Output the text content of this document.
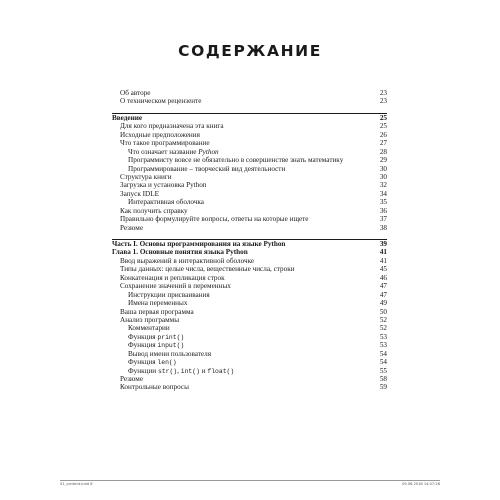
СОДЕРЖАНИЕ
Об авторе	23
О техническом рецензенте	23
Введение	25
Для кого предназначена эта книга	25
Исходные предположения	26
Что такое программирование	27
Что означает название Python	28
Программисту вовсе не обязательно в совершенстве знать математику	29
Программирование – творческий вид деятельности	30
Структура книги	30
Загрузка и установка Python	32
Запуск IDLE	34
Интерактивная оболочка	35
Как получить справку	36
Правильно формулируйте вопросы, ответы на которые ищете	37
Резюме	38
Часть I. Основы программирования на языке Python	39
Глава 1. Основные понятия языка Python	41
Ввод выражений в интерактивной оболочке	41
Типы данных: целые числа, вещественные числа, строки	45
Конкатенация и репликация строк	46
Сохранение значений в переменных	47
Инструкции присваивания	47
Имена переменных	49
Ваша первая программа	50
Анализ программы	52
Комментарии	52
Функция print()	53
Функция input()	53
Вывод имени пользователя	54
Функция len()	54
Функции str(), int() и float()	55
Резюме	58
Контрольные вопросы	59
01_content.indd 6	09.08.2016 14:07:28
